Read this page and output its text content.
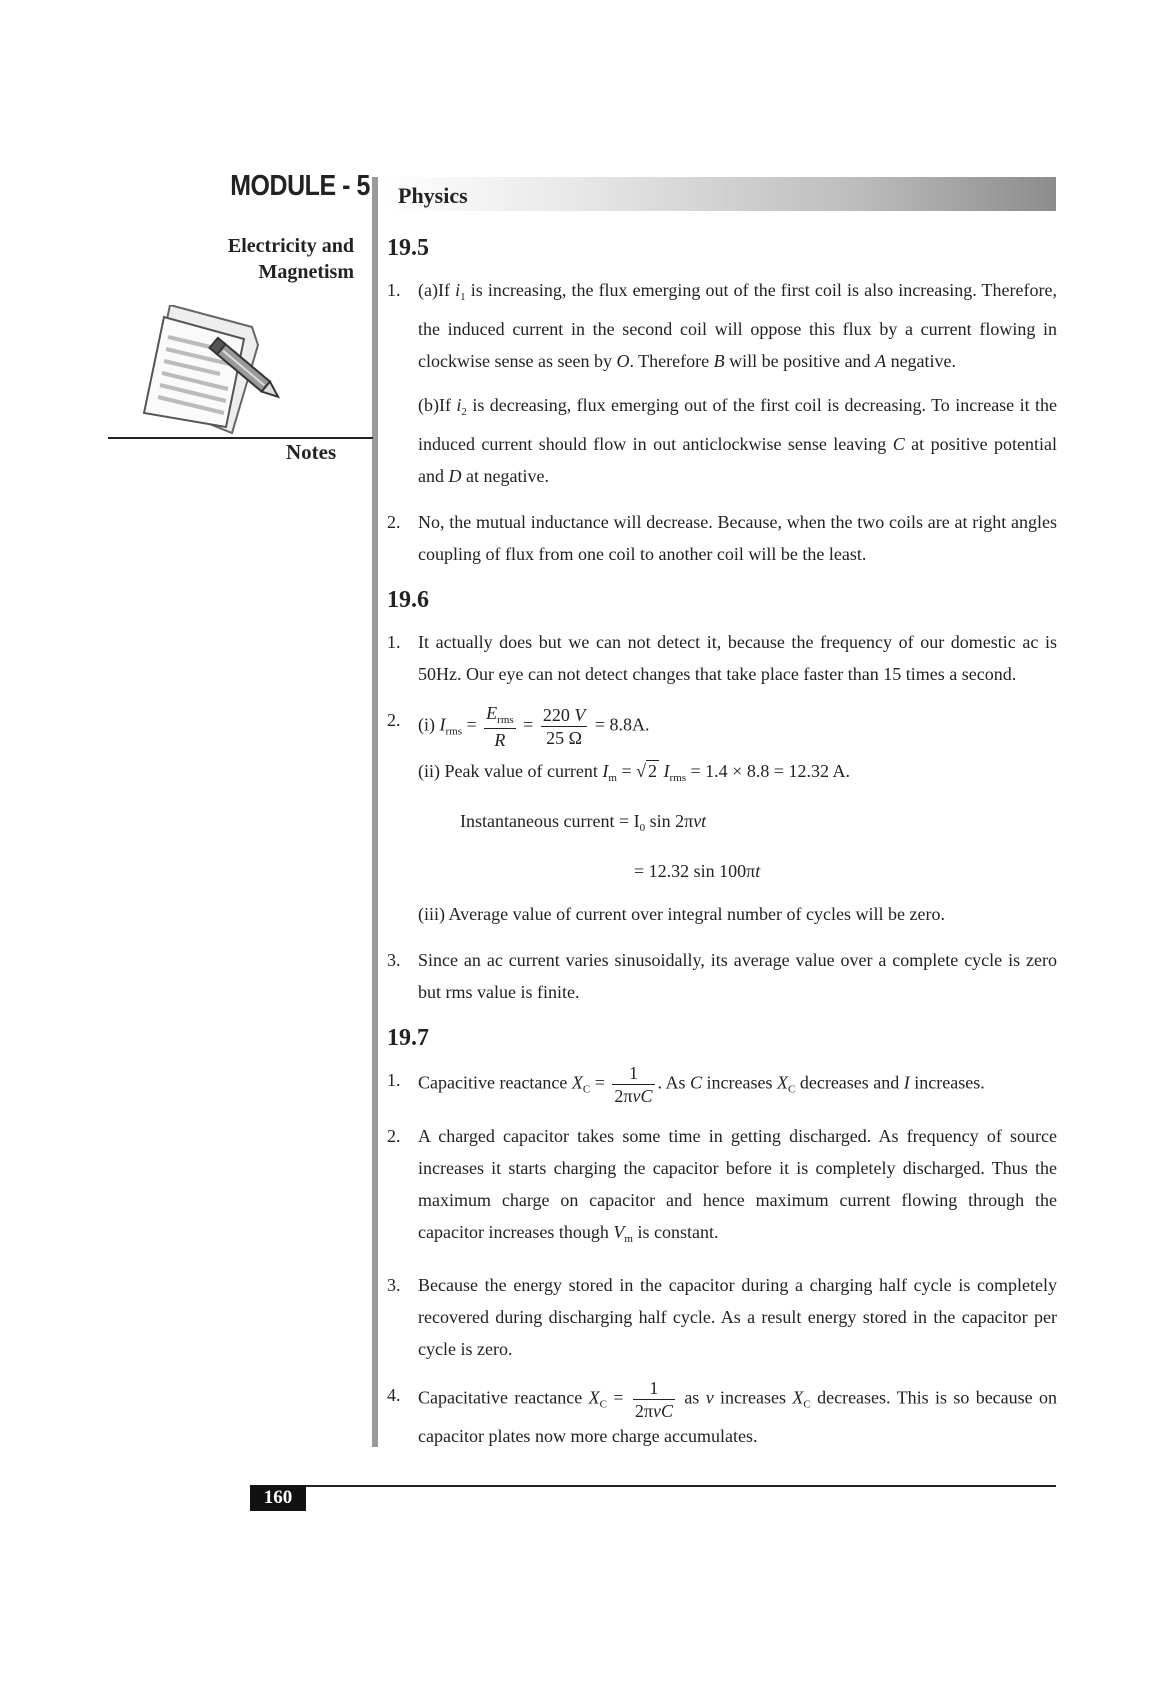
MODULE - 5 Physics
Electricity and
Magnetism
Notes
19.5
1. (a)If $i_1$ is increasing, the flux emerging out of the first coil is also increasing. Therefore, the induced current in the second coil will oppose this flux by a current flowing in clockwise sense as seen by O. Therefore B will be positive and A negative.

(b)If $i_2$ is decreasing, flux emerging out of the first coil is decreasing. To increase it the induced current should flow in out anticlockwise sense leaving C at positive potential and D at negative.

2. No, the mutual inductance will decrease. Because, when the two coils are at right angles coupling of flux from one coil to another coil will be the least.

19.6
1. It actually does but we can not detect it, because the frequency of our domestic ac is 50Hz. Our eye can not detect changes that take place faster than 15 times a second.

2. (i) $I_{rms} = \frac{E_{rms}}{R} = \frac{220 V}{25 \Omega} = 8.8A$.
(ii) Peak value of current $I_m$ = √ 2 $I_{rms} = 1.4 \times 8.8 = 12.32$ A.
Instantaneous current = $I_0$ sin 2πνt
= 12.32 sin 100πt
(iii) Average value of current over integral number of cycles will be zero.
3. Since an ac current varies sinusoidally, its average value over a complete cycle is zero but rms value is finite.

19.7
1. Capacitive reactance $X_C = \frac{1}{\text{2πνC}}$ . As C increases $X_C$ decreases and I increases.

2. A charged capacitor takes some time in getting discharged. As frequency of source increases it starts charging the capacitor before it is completely discharged. Thus the maximum charge on capacitor and hence maximum current flowing through the capacitor increases though $V_m$ is constant.

3. Because the energy stored in the capacitor during a charging half cycle is completely recovered during discharging half cycle. As a result energy stored in the capacitor per cycle is zero.

4. Capacitative reactance $X_C = \frac{1}{\text{2πνC}}$ as ν increases $X_C$ decreases. This is so because on capacitor plates now more charge accumulates.

160
